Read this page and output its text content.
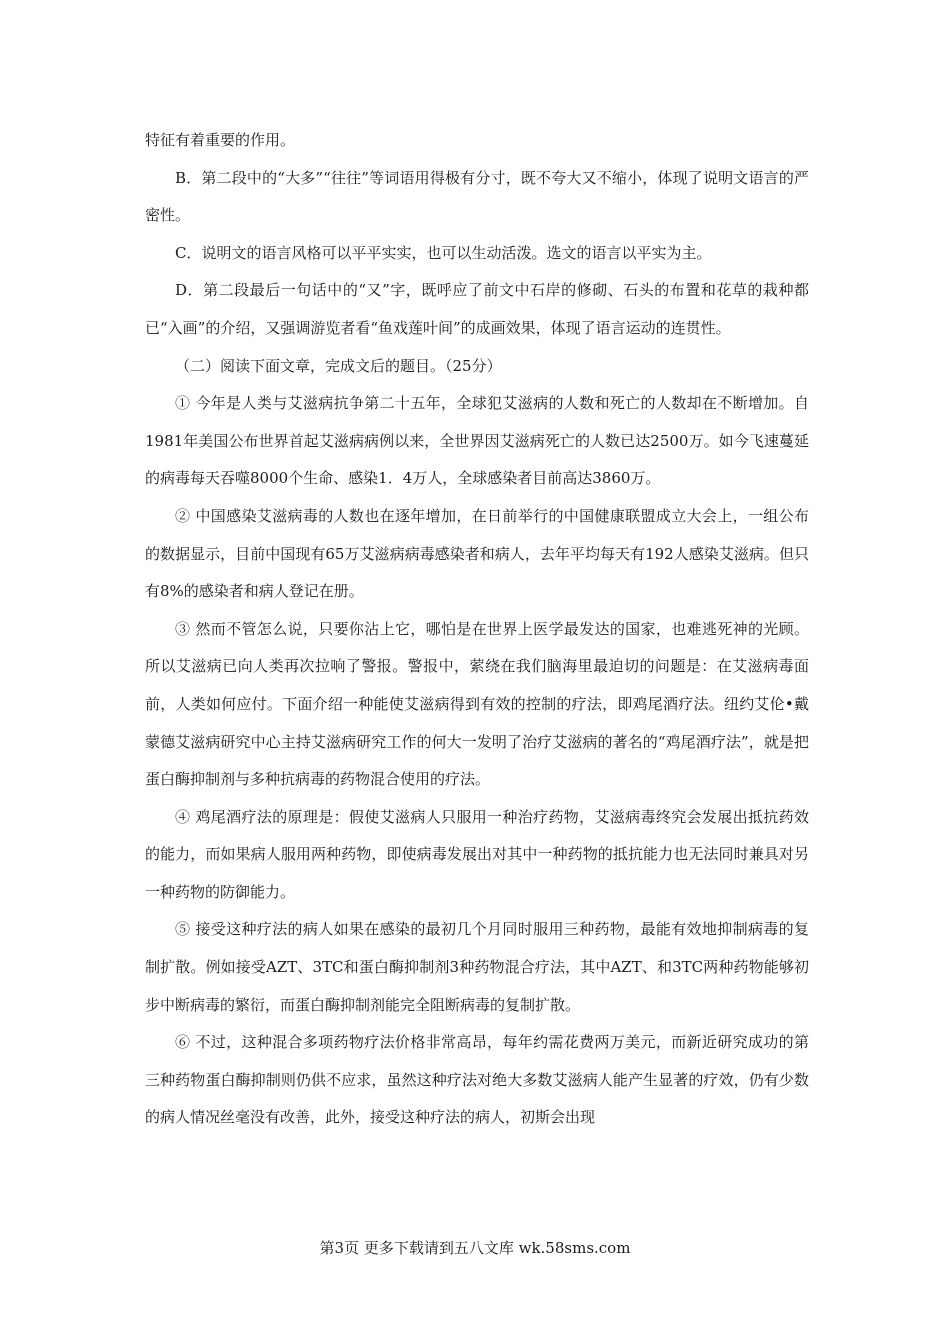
特征有着重要的作用。

B．第二段中的“大多”“往往”等词语用得极有分寸，既不夸大又不缩小，体现了说明文语言的严密性。

C．说明文的语言风格可以平平实实，也可以生动活泼。选文的语言以平实为主。

D．第二段最后一句话中的“又”字，既呼应了前文中石岸的修砌、石头的布置和花草的栽种都已“入画”的介绍，又强调游览者看“鱼戏莲叶间”的成画效果，体现了语言运动的连贯性。

（二）阅读下面文章，完成文后的题目。（25分）

① 今年是人类与艾滋病抗争第二十五年，全球犯艾滋病的人数和死亡的人数却在不断增加。自1981年美国公布世界首起艾滋病病例以来，全世界因艾滋病死亡的人数已达2500万。如今飞速蔓延的病毒每天吞噬8000个生命、感染1．4万人，全球感染者目前高达3860万。

② 中国感染艾滋病毒的人数也在逐年增加，在日前举行的中国健康联盟成立大会上，一组公布的数据显示，目前中国现有65万艾滋病病毒感染者和病人，去年平均每天有192人感染艾滋病。但只有8%的感染者和病人登记在册。

③ 然而不管怎么说，只要你沾上它，哪怕是在世界上医学最发达的国家，也难逃死神的光顾。所以艾滋病已向人类再次拉响了警报。警报中，萦绕在我们脑海里最迫切的问题是：在艾滋病毒面前，人类如何应付。下面介绍一种能使艾滋病得到有效的控制的疗法，即鸡尾酒疗法。纽约艾伦•戴蒙德艾滋病研究中心主持艾滋病研究工作的何大一发明了治疗艾滋病的著名的“鸡尾酒疗法”，就是把蛋白酶抑制剂与多种抗病毒的药物混合使用的疗法。

④ 鸡尾酒疗法的原理是：假使艾滋病人只服用一种治疗药物，艾滋病毒终究会发展出抵抗药效的能力，而如果病人服用两种药物，即使病毒发展出对其中一种药物的抵抗能力也无法同时兼具对另一种药物的防御能力。

⑤ 接受这种疗法的病人如果在感染的最初几个月同时服用三种药物，最能有效地抑制病毒的复制扩散。例如接受AZT、3TC和蛋白酶抑制剂3种药物混合疗法，其中AZT、和3TC两种药物能够初步中断病毒的繁衍，而蛋白酶抑制剂能完全阻断病毒的复制扩散。

⑥ 不过，这种混合多项药物疗法价格非常高昂，每年约需花费两万美元，而新近研究成功的第三种药物蛋白酶抑制则仍供不应求，虽然这种疗法对绝大多数艾滋病人能产生显著的疗效，仍有少数的病人情况丝毫没有改善，此外，接受这种疗法的病人，初斯会出现

第3页 更多下载请到五八文库 wk.58sms.com
